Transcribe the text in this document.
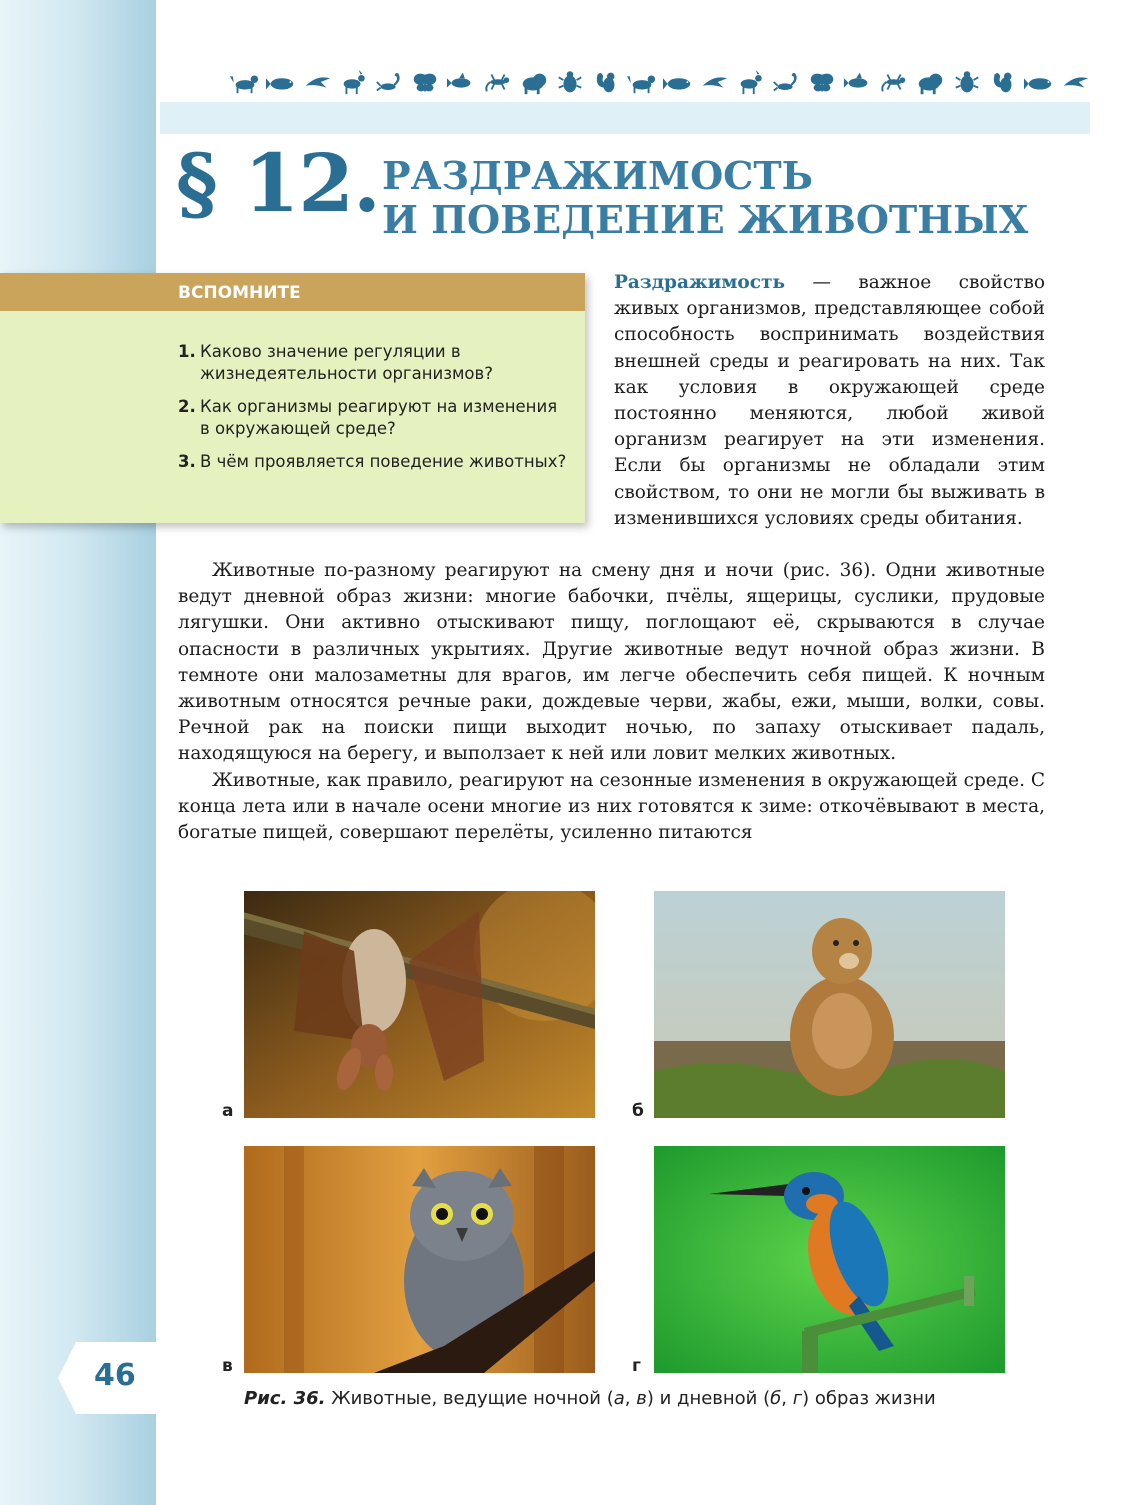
§ 12. РАЗДРАЖИМОСТЬ
И ПОВЕДЕНИЕ ЖИВОТНЫХ
ВСПОМНИТЕ
1. Каково значение регуляции в жизнедеятельности организмов?
2. Как организмы реагируют на изменения в окружающей среде?
3. В чём проявляется поведение животных?
Раздражимость — важное свойство живых организмов, представляющее собой способность воспринимать воздействия внешней среды и реагировать на них. Так как условия в окружающей среде постоянно меняются, любой живой организм реагирует на эти изменения. Если бы организмы не обладали этим свойством, то они не могли бы выживать в изменившихся условиях среды обитания.

Животные по-разному реагируют на смену дня и ночи (рис. 36). Одни животные ведут дневной образ жизни: многие бабочки, пчёлы, ящерицы, суслики, прудовые лягушки. Они активно отыскивают пищу, поглощают её, скрываются в случае опасности в различных укрытиях. Другие животные ведут ночной образ жизни. В темноте они малозаметны для врагов, им легче обеспечить себя пищей. К ночным животным относятся речные раки, дождевые черви, жабы, ежи, мыши, волки, совы. Речной рак на поиски пищи выходит ночью, по запаху отыскивает падаль, находящуюся на берегу, и выползает к ней или ловит мелких животных.

Животные, как правило, реагируют на сезонные изменения в окружающей среде. С конца лета или в начале осени многие из них готовятся к зиме: откочёвывают в места, богатые пищей, совершают перелёты, усиленно питаются

а	б
в	г
Рис. 36. Животные, ведущие ночной (а, в) и дневной (б, г) образ жизни
46
